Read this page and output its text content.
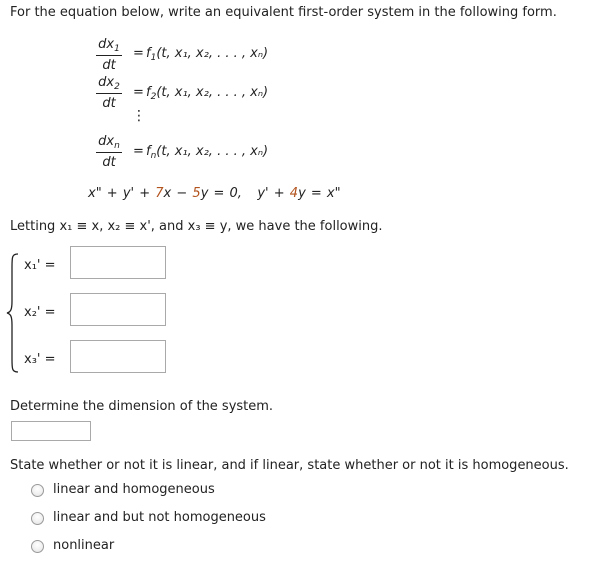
For the equation below, write an equivalent first-order system in the following form.
$dx_1$
dt
= $f_1(t$, x₁, x₂, . . . , xₙ)
$dx_2$
dt
= $f_2(t$, x₁, x₂, . . . , xₙ)
⋮
$dx_n$
dt
= $f_n(t$, x₁, x₂, . . . , xₙ)
x" + y' + 7x − 5y = 0, y' + 4y = x"
Letting x₁ ≡ x, x₂ ≡ x', and x₃ ≡ y, we have the following.
x₁' =
x₂' =
x₃' =
Determine the dimension of the system.
State whether or not it is linear, and if linear, state whether or not it is homogeneous.
linear and homogeneous
linear and but not homogeneous
nonlinear
